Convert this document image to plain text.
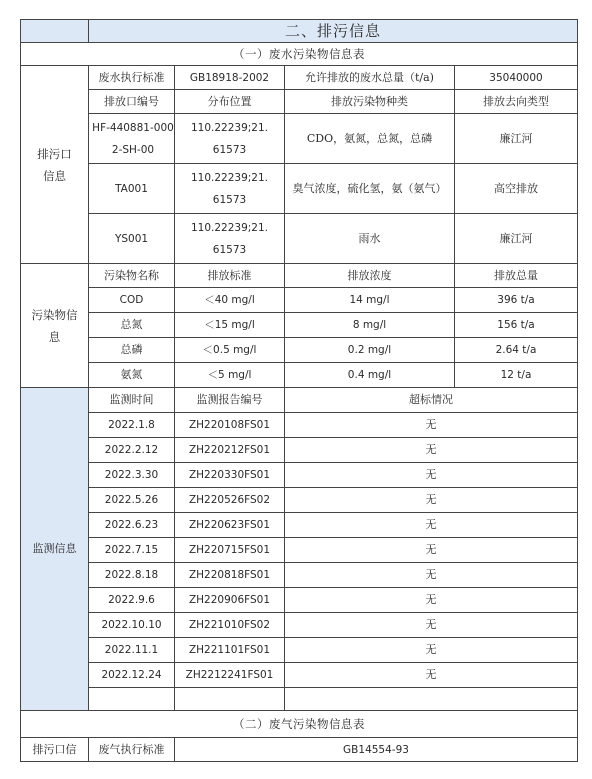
	二、排污信息			
（一）废水污染物信息表				

排污口信息	废水执行标准	GB18918-2002	允许排放的废水总量（t/a)	35040000
	排放口编号	分布位置	排放污染物种类	排放去向类型

	HF-440881-0002-SH-00	110.22239;21.61573	CDO，氨氮，总氮，总磷	廉江河
	TA001	110.22239;21.61573	臭气浓度，硫化氢，氨（氨气）	高空排放
	YS001	110.22239;21.61573	雨水	廉江河

污染物信息	污染物名称	排放标准	排放浓度	排放总量
	COD	＜40 mg/l	14 mg/l	396 t/a
	总氮	＜15 mg/l	8 mg/l	156 t/a
	总磷	＜0.5 mg/l	0.2 mg/l	2.64 t/a
	氨氮	＜5 mg/l	0.4 mg/l	12 t/a
监测信息	监测时间	监测报告编号	超标情况	
	2022.1.8	ZH220108FS01	无	
	2022.2.12	ZH220212FS01	无	
	2022.3.30	ZH220330FS01	无	
	2022.5.26	ZH220526FS02	无	
	2022.6.23	ZH220623FS01	无	
	2022.7.15	ZH220715FS01	无	
	2022.8.18	ZH220818FS01	无	
	2022.9.6	ZH220906FS01	无	
	2022.10.10	ZH221010FS02	无	
	2022.11.1	ZH221101FS01	无	
	2022.12.24	ZH2212241FS01	无	

（二）废气污染物信息表				
排污口信	废气执行标准	GB14554-93		
